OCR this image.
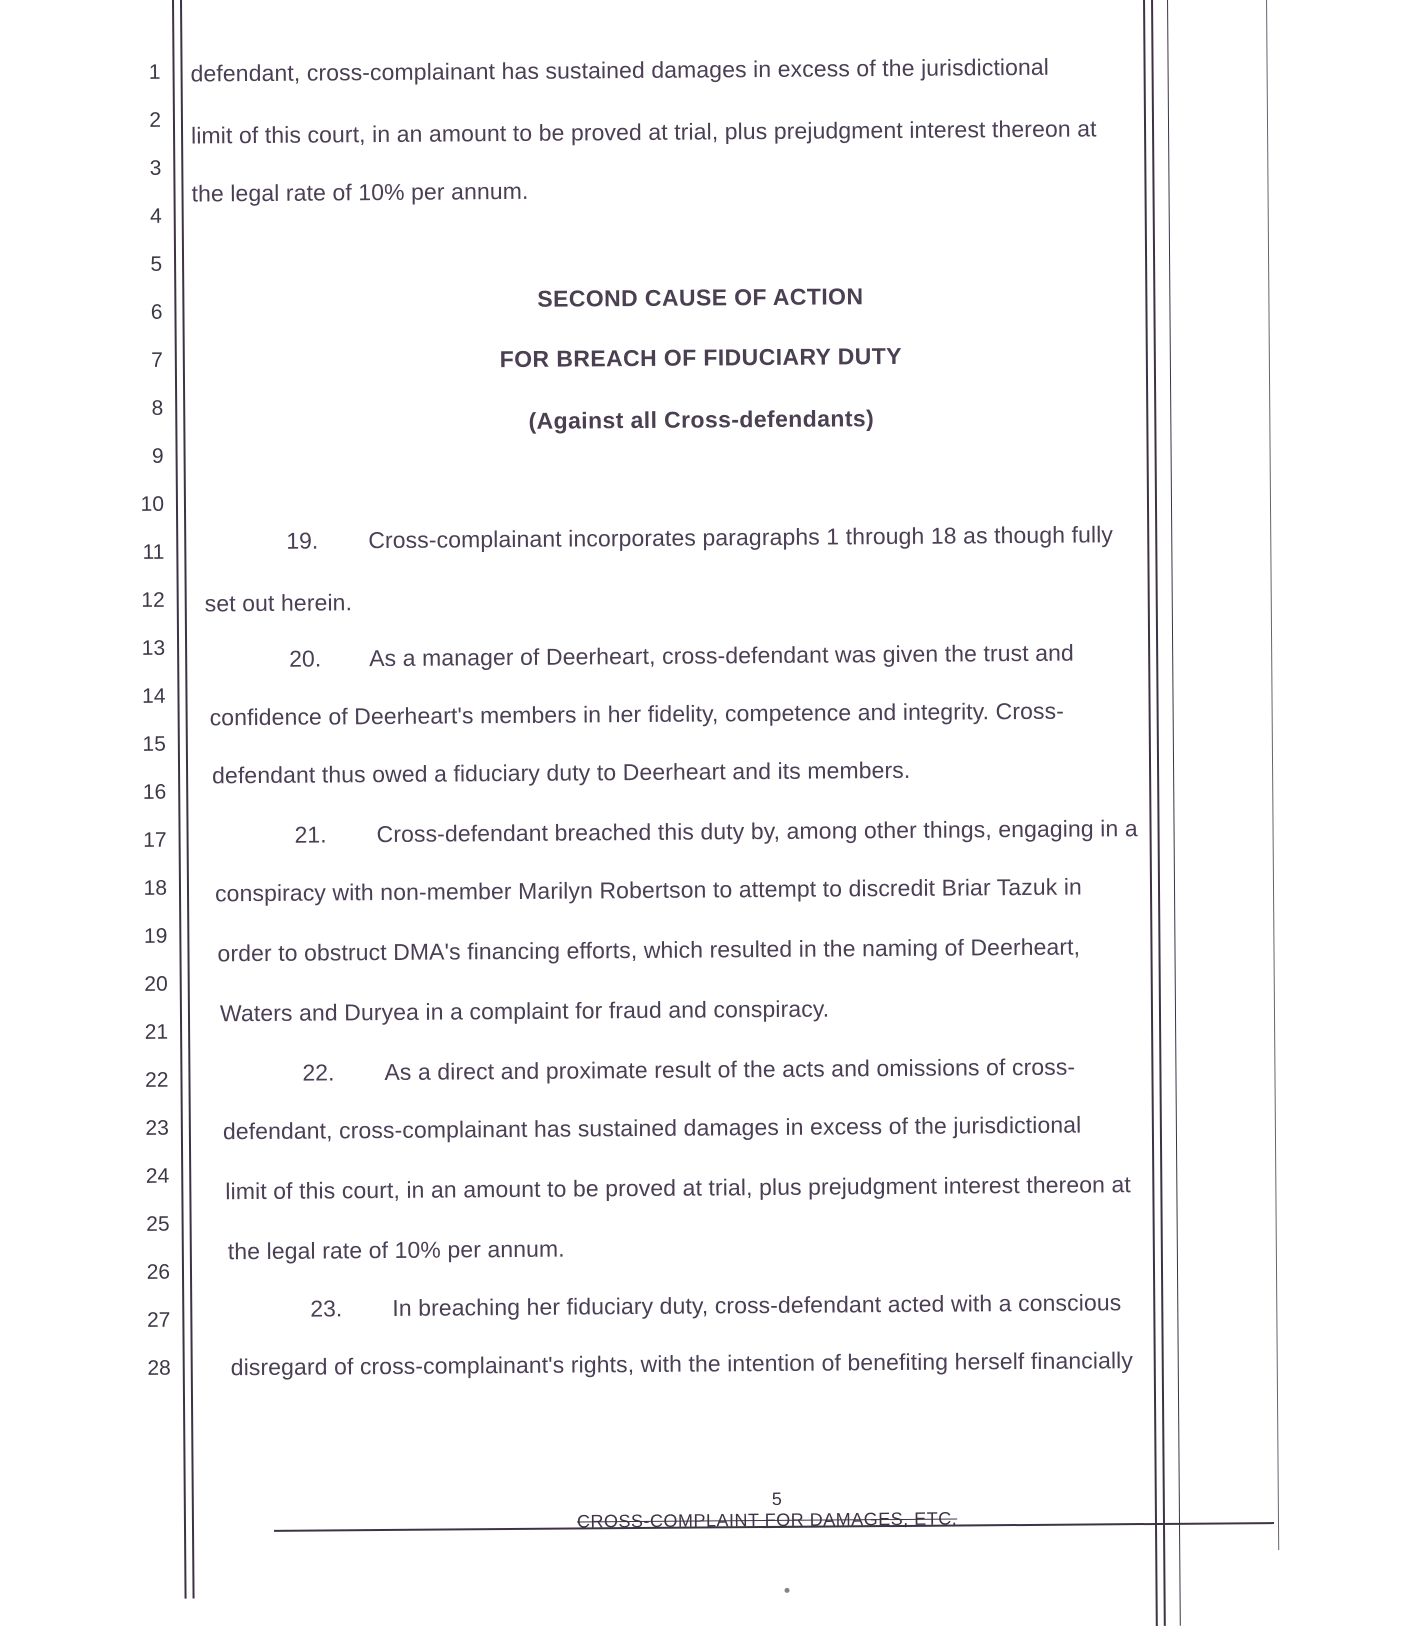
1
2
3
4
5
6
7
8
9
10
11
12
13
14
15
16
17
18
19
20
21
22
23
24
25
26
27
28
defendant, cross-complainant has sustained damages in excess of the jurisdictional
limit of this court, in an amount to be proved at trial, plus prejudgment interest thereon at
the legal rate of 10% per annum.
SECOND CAUSE OF ACTION
FOR BREACH OF FIDUCIARY DUTY
(Against all Cross-defendants)
19. Cross-complainant incorporates paragraphs 1 through 18 as though fully
set out herein.
20. As a manager of Deerheart, cross-defendant was given the trust and
confidence of Deerheart's members in her fidelity, competence and integrity. Cross-
defendant thus owed a fiduciary duty to Deerheart and its members.
21. Cross-defendant breached this duty by, among other things, engaging in a
conspiracy with non-member Marilyn Robertson to attempt to discredit Briar Tazuk in
order to obstruct DMA's financing efforts, which resulted in the naming of Deerheart,
Waters and Duryea in a complaint for fraud and conspiracy.
22. As a direct and proximate result of the acts and omissions of cross-
defendant, cross-complainant has sustained damages in excess of the jurisdictional
limit of this court, in an amount to be proved at trial, plus prejudgment interest thereon at
the legal rate of 10% per annum.
23. In breaching her fiduciary duty, cross-defendant acted with a conscious
disregard of cross-complainant's rights, with the intention of benefiting herself financially
5
CROSS-COMPLAINT FOR DAMAGES, ETC.
